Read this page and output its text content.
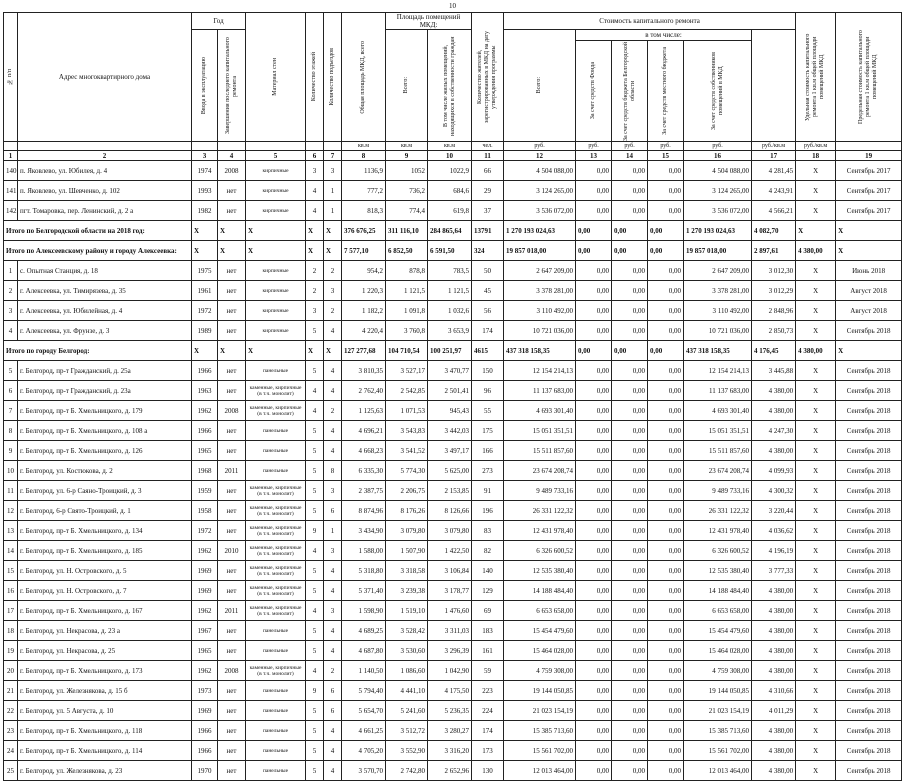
10
№ п/п	Адрес многоквартирного дома	Год		Материал стен	Количество этажей	Количество подъездов	Общая площадь МКД, всего	Площадь помещений МКД:		Количество жителей, зарегистрированных в МКД на дату утверждения программы	Стоимость капитального ремонта						Удельная стоимость капитального ремонта 1 кв.м общей площади помещений МКД	Предельная стоимость капитального ремонта 1 кв.м общей площади помещений МКД

		Ввода в эксплуатацию	Завершения последнего капитального ремонта					Всего:	В том числе жилых помещений, находящихся в собственности граждан		Всего:	в том числе:							

												За счет средств Фонда	За счет средств бюджета Белгородской области	За счет средств местного бюджета	За счет средств собственников помещений в МКД				

							кв.м	кв.м	кв.м	чел.	руб.	руб.	руб.	руб.	руб.	руб./кв.м	руб./кв.м		
1	2	3	4	5	6	7	8	9	10	11	12	13	14	15	16	17	18	19	
140	п. Яковлево, ул. Юбилея, д. 4	1974	2008	кирпичные	3	3	1136,9	1052	1022,9	66	4 504 088,00	0,00	0,00	0,00	4 504 088,00	4 281,45	X	Сентябрь 2017	
141	п. Яковлево, ул. Шевченко, д. 102	1993	нет	кирпичные	4	1	777,2	736,2	684,6	29	3 124 265,00	0,00	0,00	0,00	3 124 265,00	4 243,91	X	Сентябрь 2017	
142	пгт. Томаровка, пер. Ленинский, д. 2 а	1982	нет	кирпичные	4	1	818,3	774,4	619,8	37	3 536 072,00	0,00	0,00	0,00	3 536 072,00	4 566,21	X	Сентябрь 2017	
Итого по Белгородской области на 2018 год:		X	X	X	X	X	376 676,25	311 116,10	284 865,64	13791	1 270 193 024,63	0,00	0,00	0,00	1 270 193 024,63	4 082,70	X	X	
Итого по Алексеевскому району и городу Алексеевка:		X	X	X	X	X	7 577,10	6 852,50	6 591,50	324	19 857 018,00	0,00	0,00	0,00	19 857 018,00	2 897,61	4 380,00	X	
1	с. Опытная Станция, д. 18	1975	нет	кирпичные	2	2	954,2	878,8	783,5	50	2 647 209,00	0,00	0,00	0,00	2 647 209,00	3 012,30	X	Июнь 2018	
2	г. Алексеевка, ул. Тимирязева, д. 35	1961	нет	кирпичные	2	3	1 220,3	1 121,5	1 121,5	45	3 378 281,00	0,00	0,00	0,00	3 378 281,00	3 012,29	X	Август 2018	
3	г. Алексеевка, ул. Юбилейная, д. 4	1972	нет	кирпичные	3	2	1 182,2	1 091,8	1 032,6	56	3 110 492,00	0,00	0,00	0,00	3 110 492,00	2 848,96	X	Август 2018	
4	г. Алексеевка, ул. Фрунзе, д. 3	1989	нет	кирпичные	5	4	4 220,4	3 760,8	3 653,9	174	10 721 036,00	0,00	0,00	0,00	10 721 036,00	2 850,73	X	Сентябрь 2018	
Итого по городу Белгород:		X	X	X	X	X	127 277,68	104 710,54	100 251,97	4615	437 318 158,35	0,00	0,00	0,00	437 318 158,35	4 176,45	4 380,00	X	
5	г. Белгород, пр-т Гражданский, д. 25а	1966	нет	панельные	5	4	3 810,35	3 527,17	3 470,77	150	12 154 214,13	0,00	0,00	0,00	12 154 214,13	3 445,88	X	Сентябрь 2018	
6	г. Белгород, пр-т Гражданский, д. 23а	1963	нет	каменные, кирпичные (в т.ч. монолит)	4	4	2 762,40	2 542,85	2 501,41	96	11 137 683,00	0,00	0,00	0,00	11 137 683,00	4 380,00	X	Сентябрь 2018	
7	г. Белгород, пр-т Б. Хмельницкого, д. 179	1962	2008	каменные, кирпичные (в т.ч. монолит)	4	2	1 125,63	1 071,53	945,43	55	4 693 301,40	0,00	0,00	0,00	4 693 301,40	4 380,00	X	Сентябрь 2018	
8	г. Белгород, пр-т Б. Хмельницкого, д. 108 а	1966	нет	панельные	5	4	4 696,21	3 543,83	3 442,03	175	15 051 351,51	0,00	0,00	0,00	15 051 351,51	4 247,30	X	Сентябрь 2018	
9	г. Белгород, пр-т Б. Хмельницкого, д. 126	1965	нет	панельные	5	4	4 668,23	3 541,52	3 497,17	166	15 511 857,60	0,00	0,00	0,00	15 511 857,60	4 380,00	X	Сентябрь 2018	
10	г. Белгород, ул. Костюкова, д. 2	1968	2011	панельные	5	8	6 335,30	5 774,30	5 625,00	273	23 674 208,74	0,00	0,00	0,00	23 674 208,74	4 099,93	X	Сентябрь 2018	
11	г. Белгород, ул. 6-р Саяно-Троицкий, д. 3	1959	нет	каменные, кирпичные (в т.ч. монолит)	5	3	2 387,75	2 206,75	2 153,85	91	9 489 733,16	0,00	0,00	0,00	9 489 733,16	4 300,32	X	Сентябрь 2018	
12	г. Белгород, 6-р Свято-Троицкий, д. 1	1958	нет	каменные, кирпичные (в т.ч. монолит)	5	6	8 874,96	8 176,26	8 126,66	196	26 331 122,32	0,00	0,00	0,00	26 331 122,32	3 220,44	X	Сентябрь 2018	
13	г. Белгород, пр-т Б. Хмельницкого, д. 134	1972	нет	каменные, кирпичные (в т.ч. монолит)	9	1	3 434,90	3 079,80	3 079,80	83	12 431 978,40	0,00	0,00	0,00	12 431 978,40	4 036,62	X	Сентябрь 2018	
14	г. Белгород, пр-т Б. Хмельницкого, д. 185	1962	2010	каменные, кирпичные (в т.ч. монолит)	4	3	1 588,00	1 507,90	1 422,50	82	6 326 600,52	0,00	0,00	0,00	6 326 600,52	4 196,19	X	Сентябрь 2018	
15	г. Белгород, ул. Н. Островского, д. 5	1969	нет	каменные, кирпичные (в т.ч. монолит)	5	4	5 318,80	3 318,58	3 106,84	140	12 535 380,40	0,00	0,00	0,00	12 535 380,40	3 777,33	X	Сентябрь 2018	
16	г. Белгород, ул. Н. Островского, д. 7	1969	нет	каменные, кирпичные (в т.ч. монолит)	5	4	5 371,40	3 239,38	3 178,77	129	14 188 484,40	0,00	0,00	0,00	14 188 484,40	4 380,00	X	Сентябрь 2018	
17	г. Белгород, пр-т Б. Хмельницкого, д. 167	1962	2011	каменные, кирпичные (в т.ч. монолит)	4	3	1 598,90	1 519,10	1 476,60	69	6 653 658,00	0,00	0,00	0,00	6 653 658,00	4 380,00	X	Сентябрь 2018	
18	г. Белгород, ул. Некрасова, д. 23 а	1967	нет	панельные	5	4	4 689,25	3 528,42	3 311,03	183	15 454 479,60	0,00	0,00	0,00	15 454 479,60	4 380,00	X	Сентябрь 2018	
19	г. Белгород, ул. Некрасова, д. 25	1965	нет	панельные	5	4	4 687,80	3 530,60	3 296,39	161	15 464 028,00	0,00	0,00	0,00	15 464 028,00	4 380,00	X	Сентябрь 2018	
20	г. Белгород, пр-т Б. Хмельницкого, д. 173	1962	2008	каменные, кирпичные (в т.ч. монолит)	4	2	1 140,50	1 086,60	1 042,90	59	4 759 308,00	0,00	0,00	0,00	4 759 308,00	4 380,00	X	Сентябрь 2018	
21	г. Белгород, ул. Железнякова, д. 15 б	1973	нет	панельные	9	6	5 794,40	4 441,10	4 175,50	223	19 144 050,85	0,00	0,00	0,00	19 144 050,85	4 310,66	X	Сентябрь 2018	
22	г. Белгород, ул. 5 Августа, д. 10	1969	нет	панельные	5	6	5 654,70	5 241,60	5 236,35	224	21 023 154,19	0,00	0,00	0,00	21 023 154,19	4 011,29	X	Сентябрь 2018	
23	г. Белгород, пр-т Б. Хмельницкого, д. 118	1966	нет	панельные	5	4	4 661,25	3 512,72	3 280,27	174	15 385 713,60	0,00	0,00	0,00	15 385 713,60	4 380,00	X	Сентябрь 2018	
24	г. Белгород, пр-т Б. Хмельницкого, д. 114	1966	нет	панельные	5	4	4 705,20	3 552,90	3 316,20	173	15 561 702,00	0,00	0,00	0,00	15 561 702,00	4 380,00	X	Сентябрь 2018	
25	г. Белгород, ул. Железнякова, д. 23	1970	нет	панельные	5	4	3 570,70	2 742,80	2 652,96	130	12 013 464,00	0,00	0,00	0,00	12 013 464,00	4 380,00	X	Сентябрь 2018	
